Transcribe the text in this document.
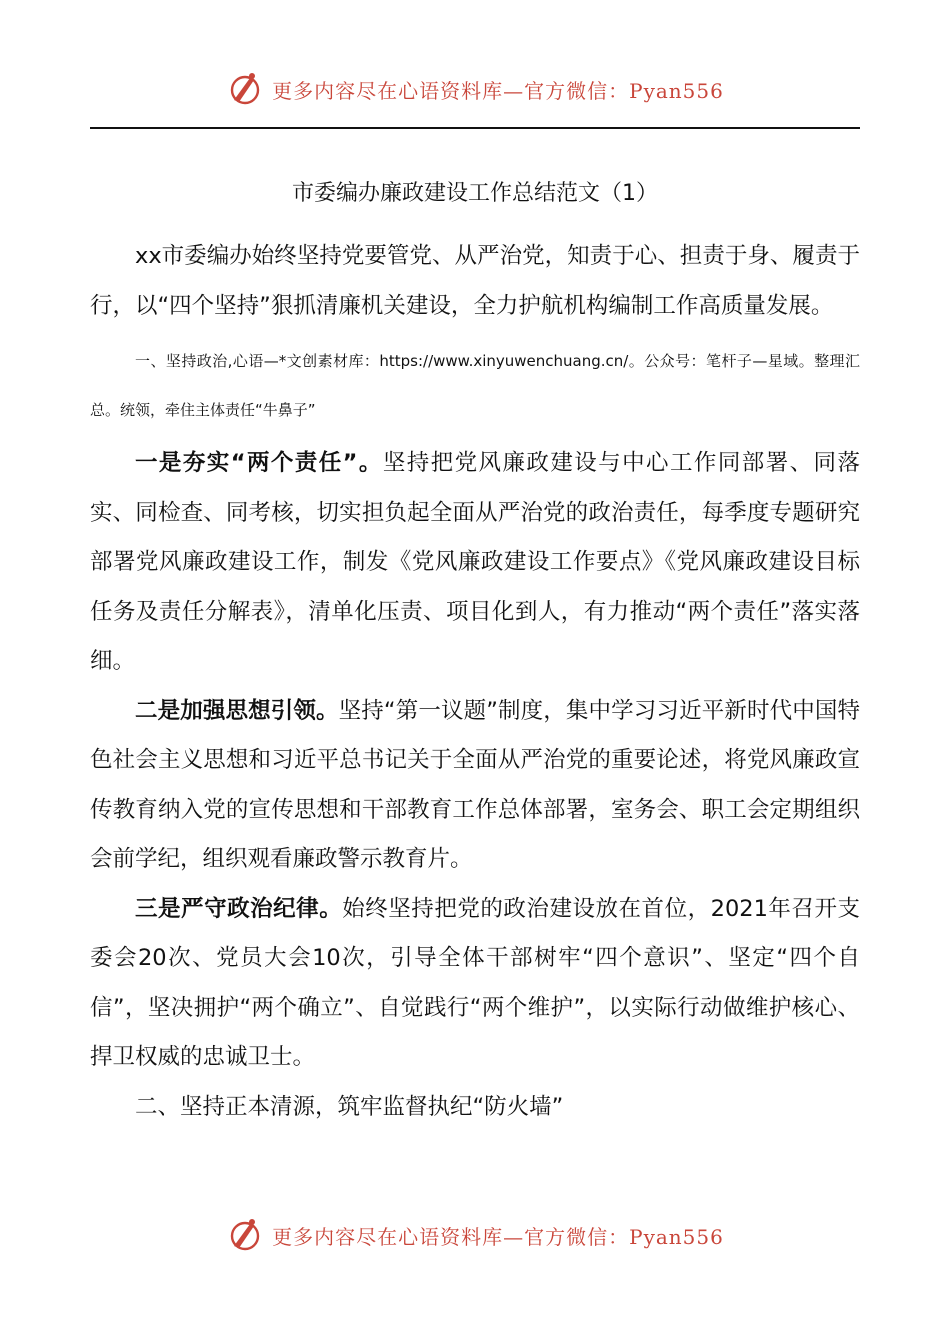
更多内容尽在心语资料库—官方微信：Pyan556
市委编办廉政建设工作总结范文（1）

xx市委编办始终坚持党要管党、从严治党，知责于心、担责于身、履责于行，以“四个坚持”狠抓清廉机关建设，全力护航机构编制工作高质量发展。

一、坚持政治,心语—*文创素材库：https://www.xinyuwenchuang.cn/。公众号：笔杆子—星域。整理汇总。统领，牵住主体责任“牛鼻子”

一是夯实“两个责任”。坚持把党风廉政建设与中心工作同部署、同落实、同检查、同考核，切实担负起全面从严治党的政治责任，每季度专题研究部署党风廉政建设工作，制发《党风廉政建设工作要点》《党风廉政建设目标任务及责任分解表》，清单化压责、项目化到人，有力推动“两个责任”落实落细。

二是加强思想引领。坚持“第一议题”制度，集中学习习近平新时代中国特色社会主义思想和习近平总书记关于全面从严治党的重要论述，将党风廉政宣传教育纳入党的宣传思想和干部教育工作总体部署，室务会、职工会定期组织会前学纪，组织观看廉政警示教育片。

三是严守政治纪律。始终坚持把党的政治建设放在首位，2021年召开支委会20次、党员大会10次，引导全体干部树牢“四个意识”、坚定“四个自信”，坚决拥护“两个确立”、自觉践行“两个维护”，以实际行动做维护核心、捍卫权威的忠诚卫士。

二、坚持正本清源，筑牢监督执纪“防火墙”

更多内容尽在心语资料库—官方微信：Pyan556
